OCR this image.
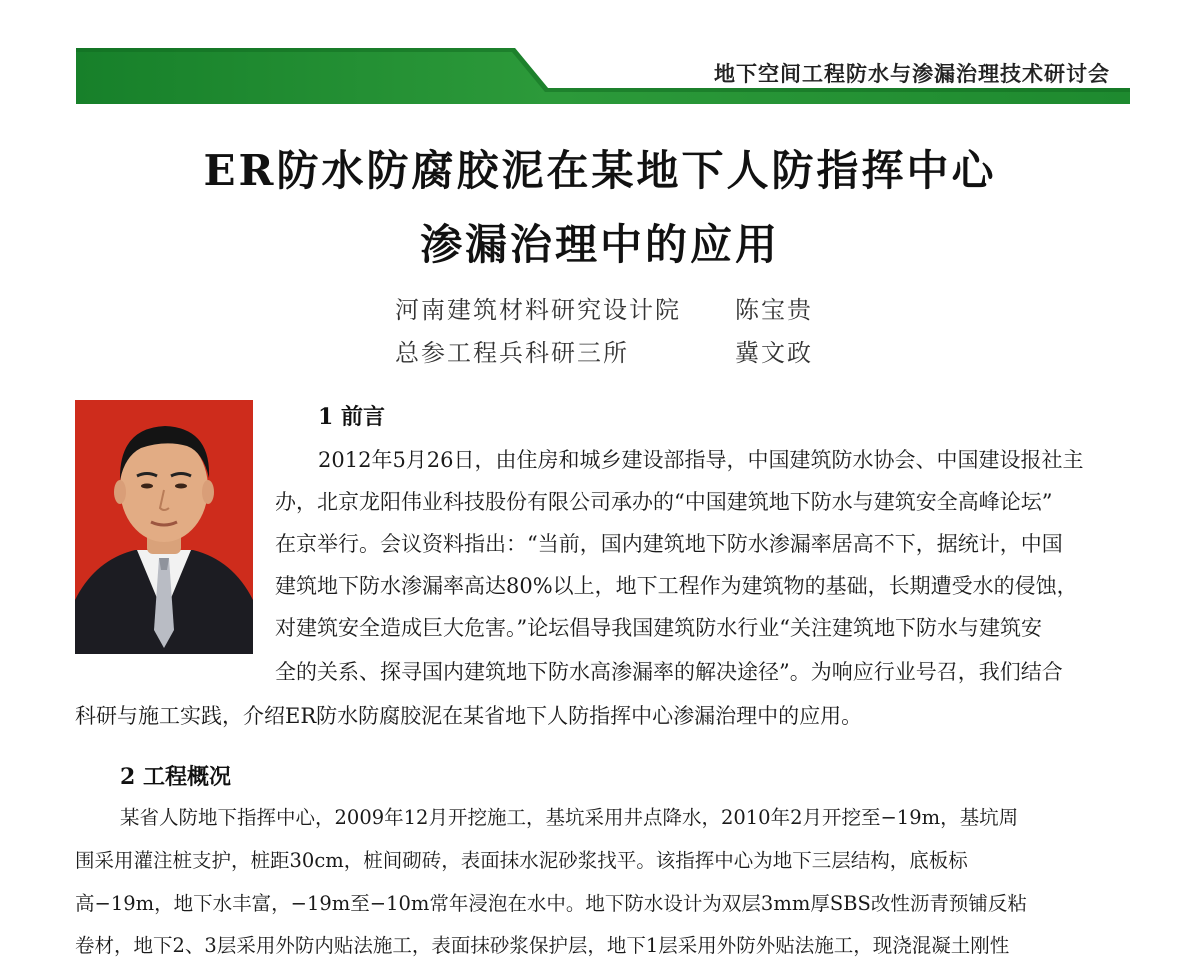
地下空间工程防水与渗漏治理技术研讨会
ER防水防腐胶泥在某地下人防指挥中心
渗漏治理中的应用
河南建筑材料研究设计院 陈宝贵
总参工程兵科研三所	冀文政
1 前言
2012年5月26日，由住房和城乡建设部指导，中国建筑防水协会、中国建设报社主
办，北京龙阳伟业科技股份有限公司承办的“中国建筑地下防水与建筑安全高峰论坛”
在京举行。会议资料指出：“当前，国内建筑地下防水渗漏率居高不下，据统计，中国
建筑地下防水渗漏率高达80%以上，地下工程作为建筑物的基础，长期遭受水的侵蚀，
对建筑安全造成巨大危害。”论坛倡导我国建筑防水行业“关注建筑地下防水与建筑安
全的关系、探寻国内建筑地下防水高渗漏率的解决途径”。为响应行业号召，我们结合
科研与施工实践，介绍ER防水防腐胶泥在某省地下人防指挥中心渗漏治理中的应用。
2 工程概况
某省人防地下指挥中心，2009年12月开挖施工，基坑采用井点降水，2010年2月开挖至−19m，基坑周
围采用灌注桩支护，桩距30cm，桩间砌砖，表面抹水泥砂浆找平。该指挥中心为地下三层结构，底板标
高−19m，地下水丰富，−19m至−10m常年浸泡在水中。地下防水设计为双层3mm厚SBS改性沥青预铺反粘
卷材，地下2、3层采用外防内贴法施工，表面抹砂浆保护层，地下1层采用外防外贴法施工，现浇混凝土刚性
